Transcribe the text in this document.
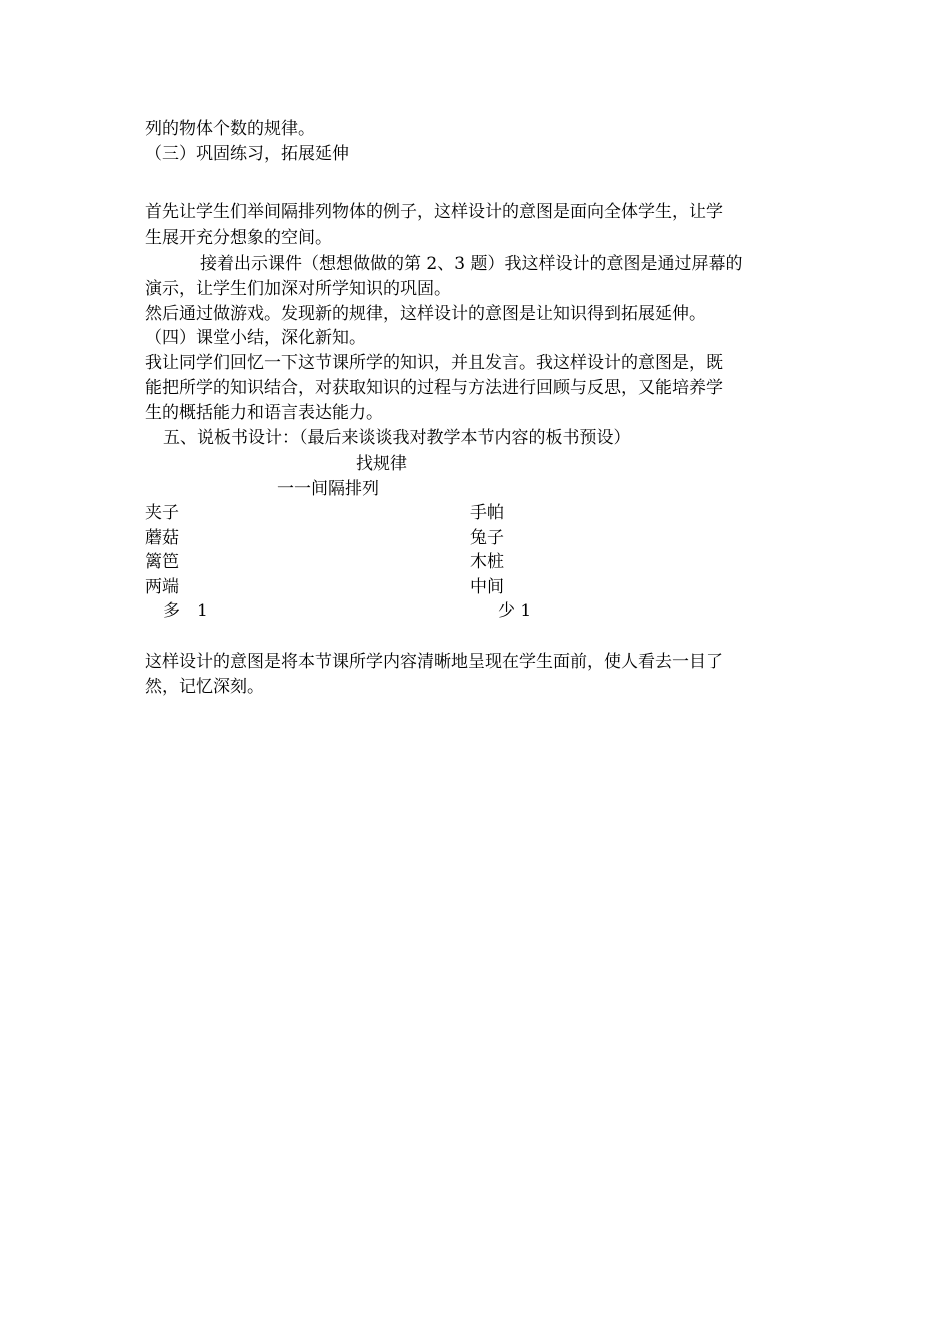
列的物体个数的规律。
（三）巩固练习，拓展延伸
首先让学生们举间隔排列物体的例子，这样设计的意图是面向全体学生，让学
生展开充分想象的空间。
接着出示课件（想想做做的第 2、3 题）我这样设计的意图是通过屏幕的
演示，让学生们加深对所学知识的巩固。
然后通过做游戏。发现新的规律，这样设计的意图是让知识得到拓展延伸。
（四）课堂小结，深化新知。
我让同学们回忆一下这节课所学的知识，并且发言。我这样设计的意图是，既
能把所学的知识结合，对获取知识的过程与方法进行回顾与反思，又能培养学
生的概括能力和语言表达能力。
五、说板书设计：（最后来谈谈我对教学本节内容的板书预设）
找规律
一一间隔排列
夹子
蘑菇
篱笆
两端
多　1
手帕
兔子
木桩
中间
少 1
这样设计的意图是将本节课所学内容清晰地呈现在学生面前，使人看去一目了
然，记忆深刻。
